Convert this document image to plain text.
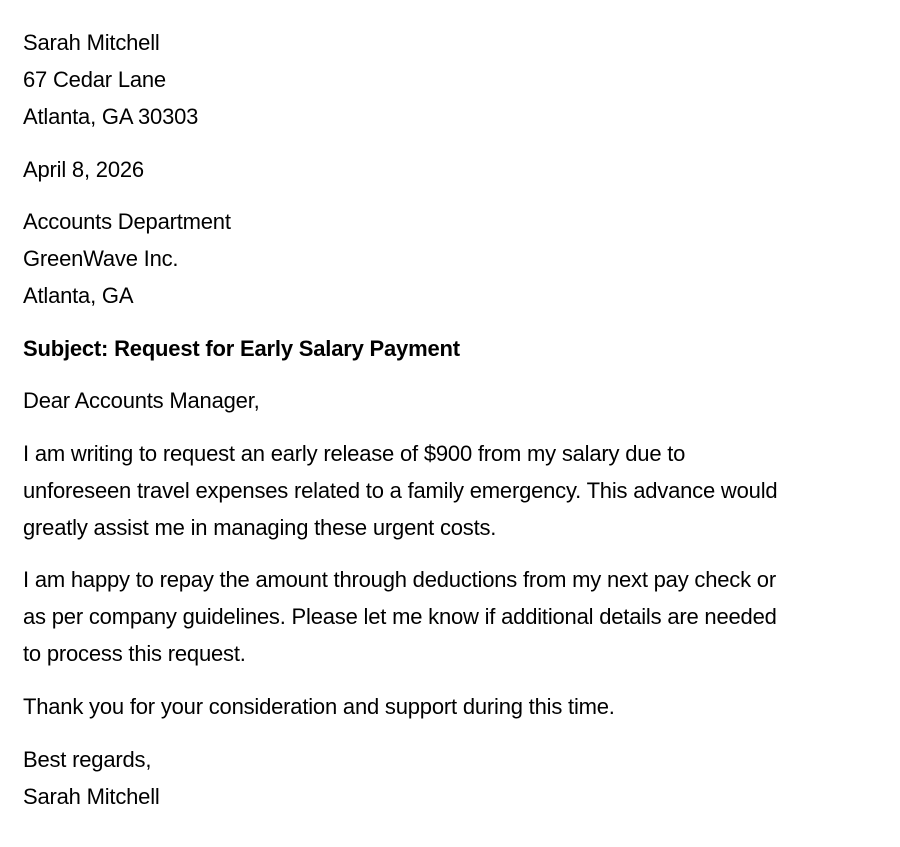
Sarah Mitchell
67 Cedar Lane
Atlanta, GA 30303
April 8, 2026
Accounts Department
GreenWave Inc.
Atlanta, GA
Subject: Request for Early Salary Payment
Dear Accounts Manager,
I am writing to request an early release of $900 from my salary due to
unforeseen travel expenses related to a family emergency. This advance would
greatly assist me in managing these urgent costs.
I am happy to repay the amount through deductions from my next pay check or
as per company guidelines. Please let me know if additional details are needed
to process this request.
Thank you for your consideration and support during this time.
Best regards,
Sarah Mitchell
